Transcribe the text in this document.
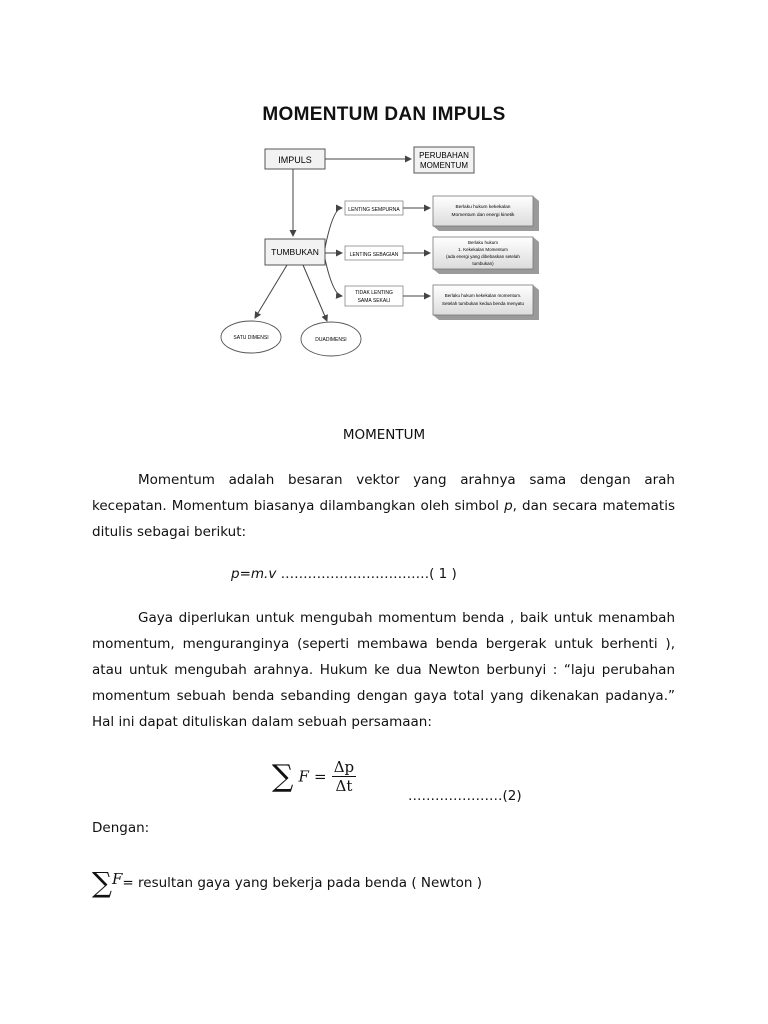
MOMENTUM DAN IMPULS
IMPULS	PERUBAHAN
MOMENTUM
TUMBUKAN
LENTING SEMPURNA
LENTING SEBAGIAN
TIDAK LENTING
SAMA SEKALI
Berlaku hukum kekekalan
Momentum dan energi kinetik
Berlaku hukum
1. Kekekalan Momentum
(ada energi yang dibebaskan setelah
tumbukan)
Berlaku hukum kekekalan momentum.
Setelah tumbukan kedua benda menyatu
SATU DIMENSI	DUADIMENSI
MOMENTUM
Momentum adalah besaran vektor yang arahnya sama dengan arah kecepatan. Momentum biasanya dilambangkan oleh simbol p, dan secara matematis ditulis sebagai berikut:
p=m.v ……………………………( 1 )
Gaya diperlukan untuk mengubah momentum benda , baik untuk menambah momentum, menguranginya (seperti membawa benda bergerak untuk berhenti ), atau untuk mengubah arahnya. Hukum ke dua Newton berbunyi : “laju perubahan momentum sebuah benda sebanding dengan gaya total yang dikenakan padanya.” Hal ini dapat dituliskan dalam sebuah persamaan:
∑ $F = \frac{\Delta p}{\Delta t}$
…………………(2)
Dengan:
∑F= resultan gaya yang bekerja pada benda ( Newton )
